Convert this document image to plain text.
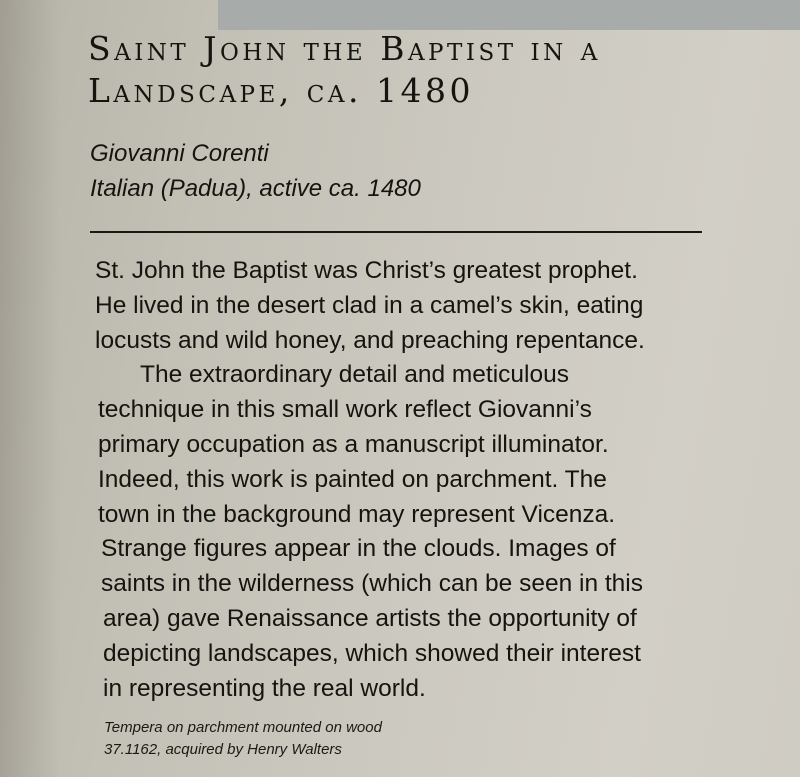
Saint John the Baptist in a
Landscape, ca. 1480
Giovanni Corenti
Italian (Padua), active ca. 1480
St. John the Baptist was Christ’s greatest prophet.
He lived in the desert clad in a camel’s skin, eating
locusts and wild honey, and preaching repentance.
The extraordinary detail and meticulous
technique in this small work reflect Giovanni’s
primary occupation as a manuscript illuminator.
Indeed, this work is painted on parchment. The
town in the background may represent Vicenza.
Strange figures appear in the clouds. Images of
saints in the wilderness (which can be seen in this
area) gave Renaissance artists the opportunity of
depicting landscapes, which showed their interest
in representing the real world.
Tempera on parchment mounted on wood
37.1162, acquired by Henry Walters
